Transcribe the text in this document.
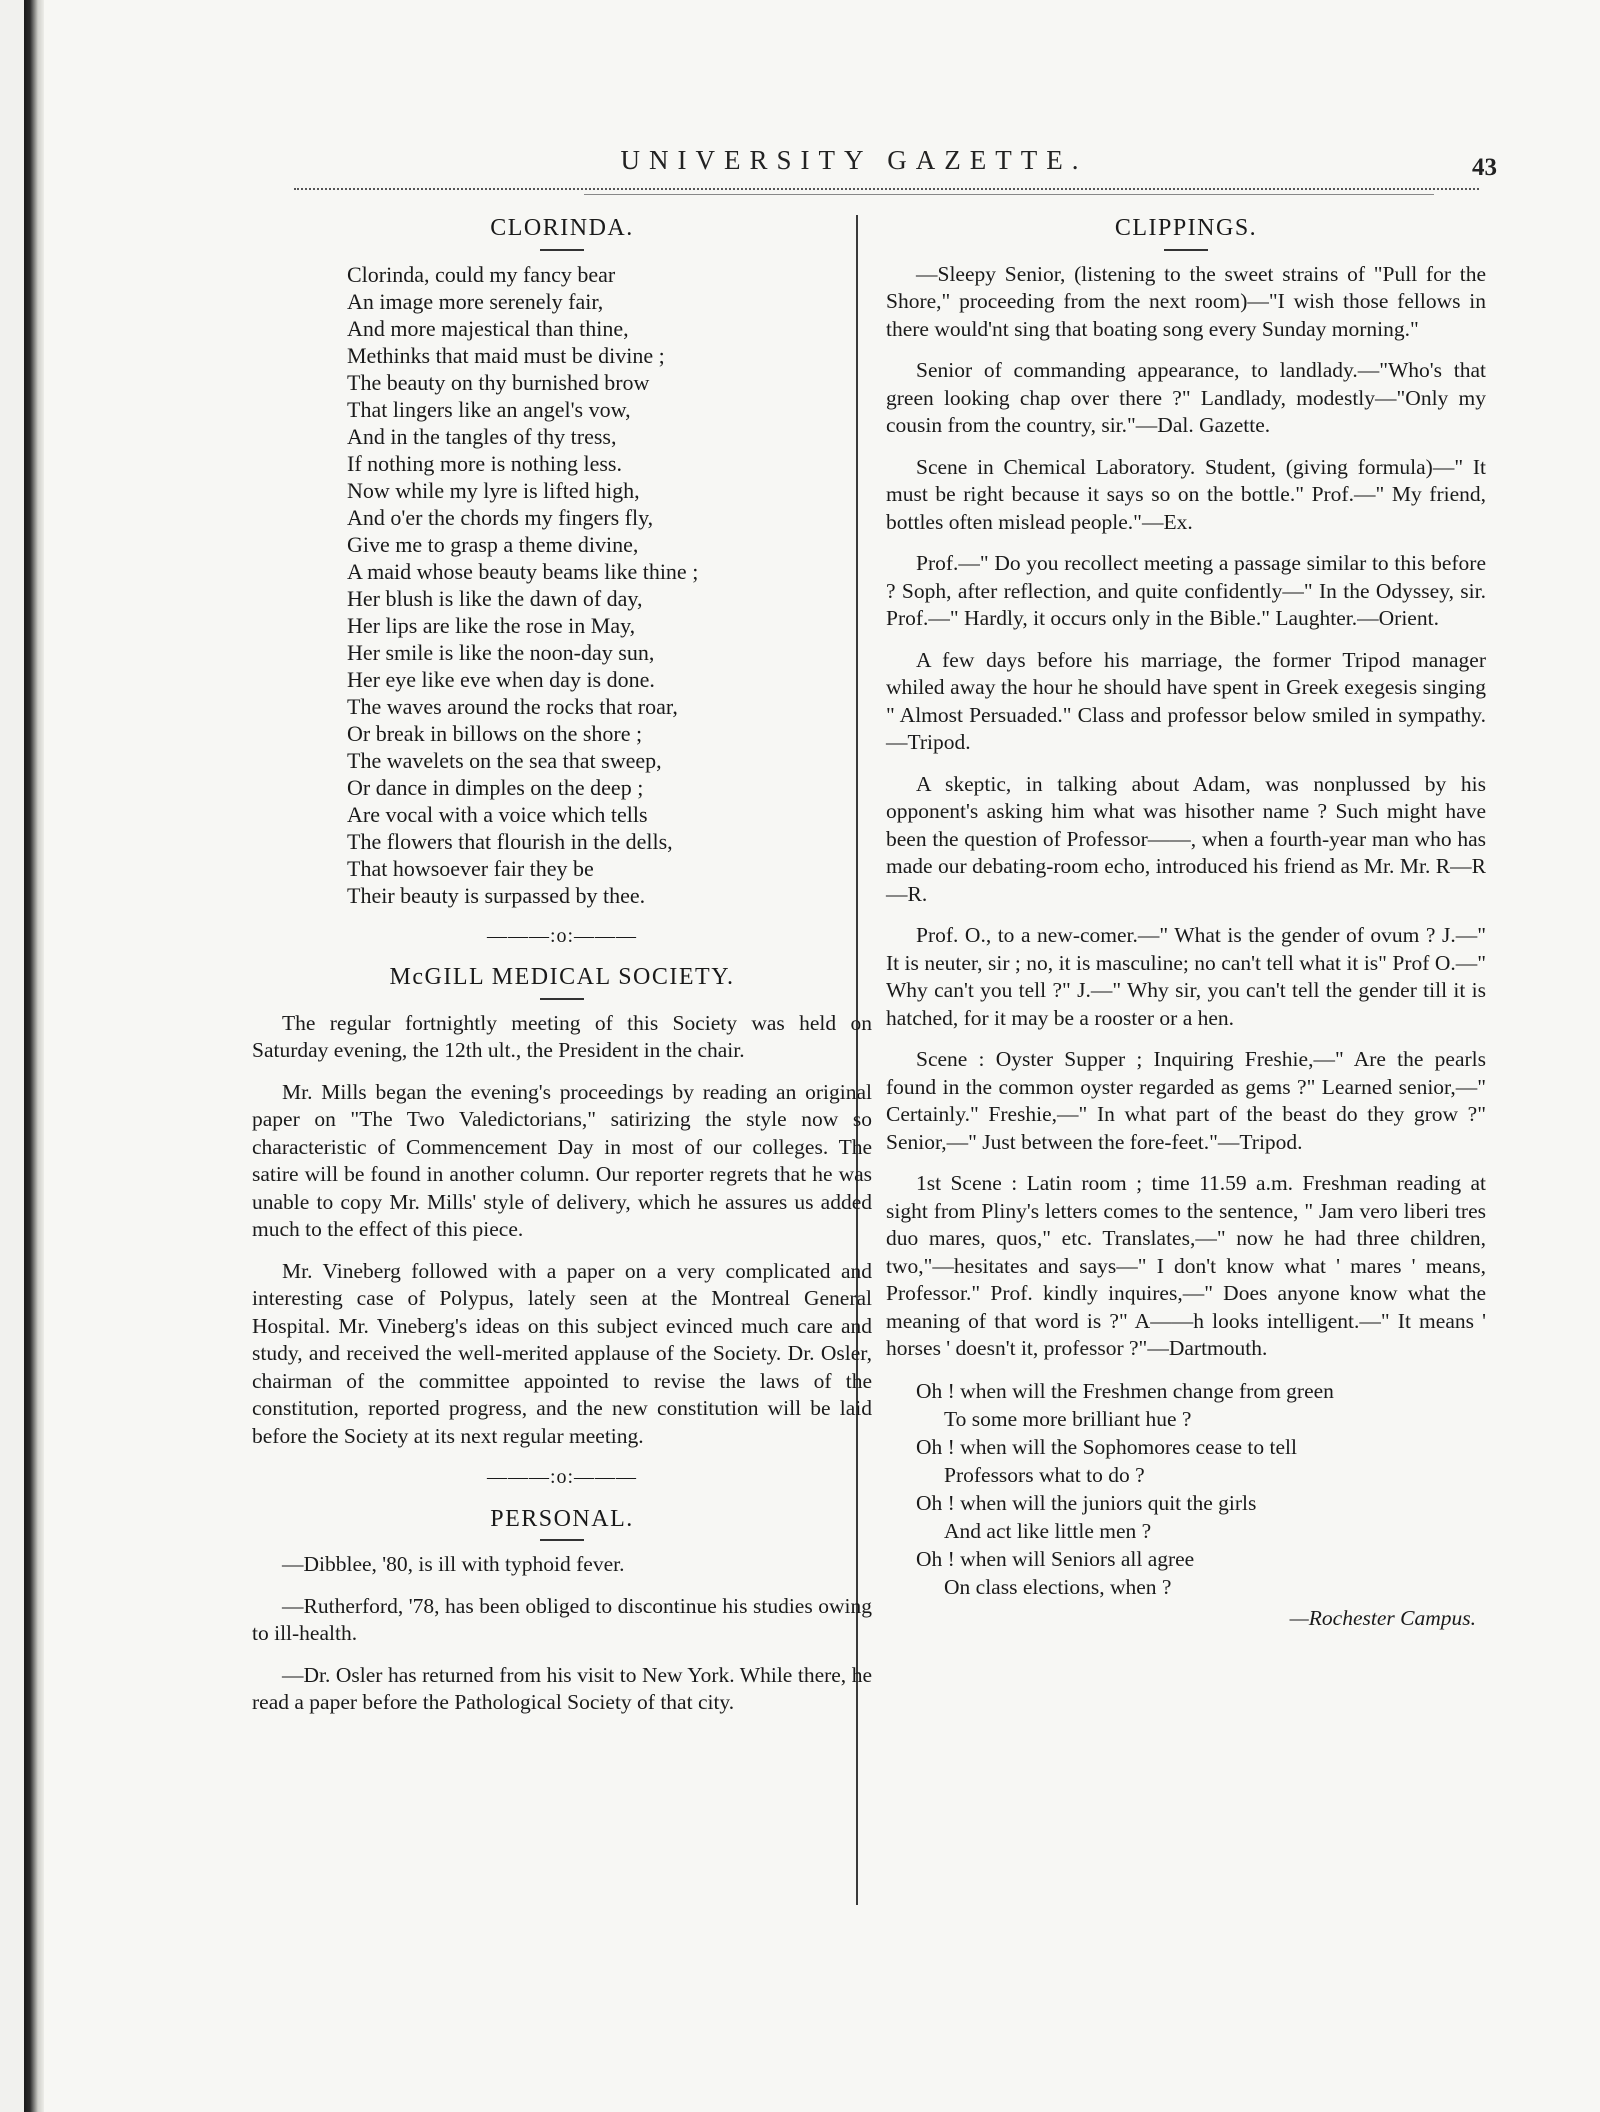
UNIVERSITY GAZETTE.	43
CLORINDA.
Clorinda, could my fancy bear
An image more serenely fair,
And more majestical than thine,
Methinks that maid must be divine ;
The beauty on thy burnished brow
That lingers like an angel's vow,
And in the tangles of thy tress,
If nothing more is nothing less.
Now while my lyre is lifted high,
And o'er the chords my fingers fly,
Give me to grasp a theme divine,
A maid whose beauty beams like thine ;
Her blush is like the dawn of day,
Her lips are like the rose in May,
Her smile is like the noon-day sun,
Her eye like eve when day is done.
The waves around the rocks that roar,
Or break in billows on the shore ;
The wavelets on the sea that sweep,
Or dance in dimples on the deep ;
Are vocal with a voice which tells
The flowers that flourish in the dells,
That howsoever fair they be
Their beauty is surpassed by thee.
———:o:———
McGILL MEDICAL SOCIETY.

The regular fortnightly meeting of this Society was held on Saturday evening, the 12th ult., the President in the chair.

Mr. Mills began the evening's proceedings by reading an original paper on "The Two Valedictorians," satirizing the style now so characteristic of Commencement Day in most of our colleges. The satire will be found in another column. Our reporter regrets that he was unable to copy Mr. Mills' style of delivery, which he assures us added much to the effect of this piece.

Mr. Vineberg followed with a paper on a very complicated and interesting case of Polypus, lately seen at the Montreal General Hospital. Mr. Vineberg's ideas on this subject evinced much care and study, and received the well-merited applause of the Society. Dr. Osler, chairman of the committee appointed to revise the laws of the constitution, reported progress, and the new constitution will be laid before the Society at its next regular meeting.

———:o:———
PERSONAL.

—Dibblee, '80, is ill with typhoid fever.

—Rutherford, '78, has been obliged to discontinue his studies owing to ill-health.

—Dr. Osler has returned from his visit to New York. While there, he read a paper before the Pathological Society of that city.

CLIPPINGS.

—Sleepy Senior, (listening to the sweet strains of "Pull for the Shore," proceeding from the next room)—"I wish those fellows in there would'nt sing that boating song every Sunday morning."

Senior of commanding appearance, to landlady.—"Who's that green looking chap over there ?" Landlady, modestly—"Only my cousin from the country, sir."—Dal. Gazette.

Scene in Chemical Laboratory. Student, (giving formula)—" It must be right because it says so on the bottle." Prof.—" My friend, bottles often mislead people."—Ex.

Prof.—" Do you recollect meeting a passage similar to this before ? Soph, after reflection, and quite confidently—" In the Odyssey, sir. Prof.—" Hardly, it occurs only in the Bible." Laughter.—Orient.

A few days before his marriage, the former Tripod manager whiled away the hour he should have spent in Greek exegesis singing " Almost Persuaded." Class and professor below smiled in sympathy.—Tripod.

A skeptic, in talking about Adam, was nonplussed by his opponent's asking him what was hisother name ? Such might have been the question of Professor——, when a fourth-year man who has made our debating-room echo, introduced his friend as Mr. Mr. R—R—R.

Prof. O., to a new-comer.—" What is the gender of ovum ? J.—" It is neuter, sir ; no, it is masculine; no can't tell what it is" Prof O.—" Why can't you tell ?" J.—" Why sir, you can't tell the gender till it is hatched, for it may be a rooster or a hen.

Scene : Oyster Supper ; Inquiring Freshie,—" Are the pearls found in the common oyster regarded as gems ?" Learned senior,—" Certainly." Freshie,—" In what part of the beast do they grow ?" Senior,—" Just between the fore-feet."—Tripod.

1st Scene : Latin room ; time 11.59 a.m. Freshman reading at sight from Pliny's letters comes to the sentence, " Jam vero liberi tres duo mares, quos," etc. Translates,—" now he had three children, two,"—hesitates and says—" I don't know what ' mares ' means, Professor." Prof. kindly inquires,—" Does anyone know what the meaning of that word is ?" A——h looks intelligent.—" It means ' horses ' doesn't it, professor ?"—Dartmouth.

Oh ! when will the Freshmen change from green
To some more brilliant hue ?
Oh ! when will the Sophomores cease to tell
Professors what to do ?
Oh ! when will the juniors quit the girls
And act like little men ?
Oh ! when will Seniors all agree
On class elections, when ?
—Rochester Campus.
